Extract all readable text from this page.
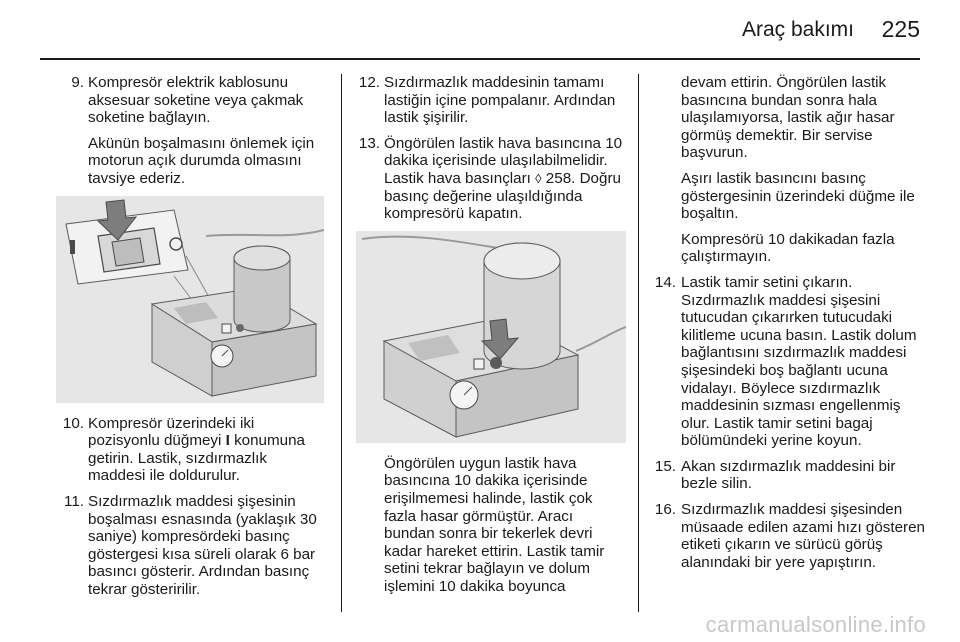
Araç bakımı 225
9. Kompresör elektrik kablosunu aksesuar soketine veya çakmak soketine bağlayın.

Akünün boşalmasını önlemek için motorun açık durumda olmasını tavsiye ederiz.

10. Kompresör üzerindeki iki pozisyonlu düğmeyi I konumuna getirin. Lastik, sızdırmazlık maddesi ile doldurulur.

11. Sızdırmazlık maddesi şişesinin boşalması esnasında (yaklaşık 30 saniye) kompresördeki basınç göstergesi kısa süreli olarak 6 bar basıncı gösterir. Ardından basınç tekrar gösteririlir.

12. Sızdırmazlık maddesinin tamamı lastiğin içine pompalanır. Ardından lastik şişirilir.

13. Öngörülen lastik hava basıncına 10 dakika içerisinde ulaşılabilmelidir. Lastik hava basınçları ◊ 258. Doğru basınç değerine ulaşıldığında kompresörü kapatın.

Öngörülen uygun lastik hava basıncına 10 dakika içerisinde erişilmemesi halinde, lastik çok fazla hasar görmüştür. Aracı bundan sonra bir tekerlek devri kadar hareket ettirin. Lastik tamir setini tekrar bağlayın ve dolum işlemini 10 dakika boyunca

devam ettirin. Öngörülen lastik basıncına bundan sonra hala ulaşılamıyorsa, lastik ağır hasar görmüş demektir. Bir servise başvurun.

Aşırı lastik basıncını basınç göstergesinin üzerindeki düğme ile boşaltın.

Kompresörü 10 dakikadan fazla çalıştırmayın.

14. Lastik tamir setini çıkarın. Sızdırmazlık maddesi şişesini tutucudan çıkarırken tutucudaki kilitleme ucuna basın. Lastik dolum bağlantısını sızdırmazlık maddesi şişesindeki boş bağlantı ucuna vidalayı. Böylece sızdırmazlık maddesinin sızması engellenmiş olur. Lastik tamir setini bagaj bölümündeki yerine koyun.

15. Akan sızdırmazlık maddesini bir bezle silin.

16. Sızdırmazlık maddesi şişesinden müsaade edilen azami hızı gösteren etiketi çıkarın ve sürücü görüş alanındaki bir yere yapıştırın.

carmanualsonline.info
